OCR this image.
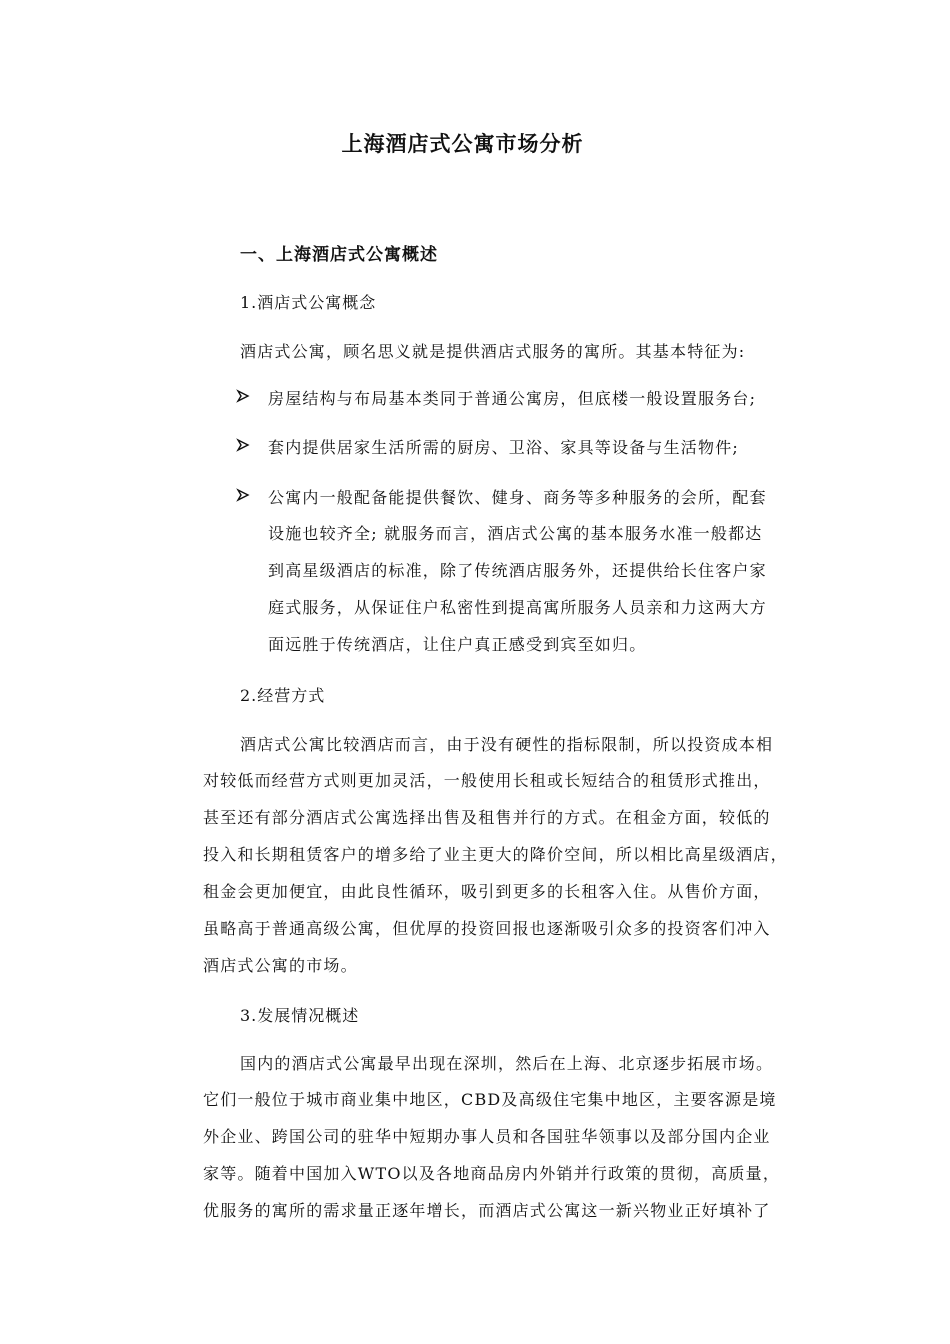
上海酒店式公寓市场分析
一、上海酒店式公寓概述
1.酒店式公寓概念
酒店式公寓，顾名思义就是提供酒店式服务的寓所。其基本特征为:
房屋结构与布局基本类同于普通公寓房，但底楼一般设置服务台;
套内提供居家生活所需的厨房、卫浴、家具等设备与生活物件;
公寓内一般配备能提供餐饮、健身、商务等多种服务的会所，配套
设施也较齐全; 就服务而言，酒店式公寓的基本服务水准一般都达
到高星级酒店的标准，除了传统酒店服务外，还提供给长住客户家
庭式服务，从保证住户私密性到提高寓所服务人员亲和力这两大方
面远胜于传统酒店，让住户真正感受到宾至如归。
2.经营方式
酒店式公寓比较酒店而言，由于没有硬性的指标限制，所以投资成本相
对较低而经营方式则更加灵活，一般使用长租或长短结合的租赁形式推出，
甚至还有部分酒店式公寓选择出售及租售并行的方式。在租金方面，较低的
投入和长期租赁客户的增多给了业主更大的降价空间，所以相比高星级酒店，
租金会更加便宜，由此良性循环，吸引到更多的长租客入住。从售价方面，
虽略高于普通高级公寓，但优厚的投资回报也逐渐吸引众多的投资客们冲入
酒店式公寓的市场。
3.发展情况概述
国内的酒店式公寓最早出现在深圳，然后在上海、北京逐步拓展市场。
它们一般位于城市商业集中地区，CBD及高级住宅集中地区，主要客源是境
外企业、跨国公司的驻华中短期办事人员和各国驻华领事以及部分国内企业
家等。随着中国加入WTO以及各地商品房内外销并行政策的贯彻，高质量，
优服务的寓所的需求量正逐年增长，而酒店式公寓这一新兴物业正好填补了
